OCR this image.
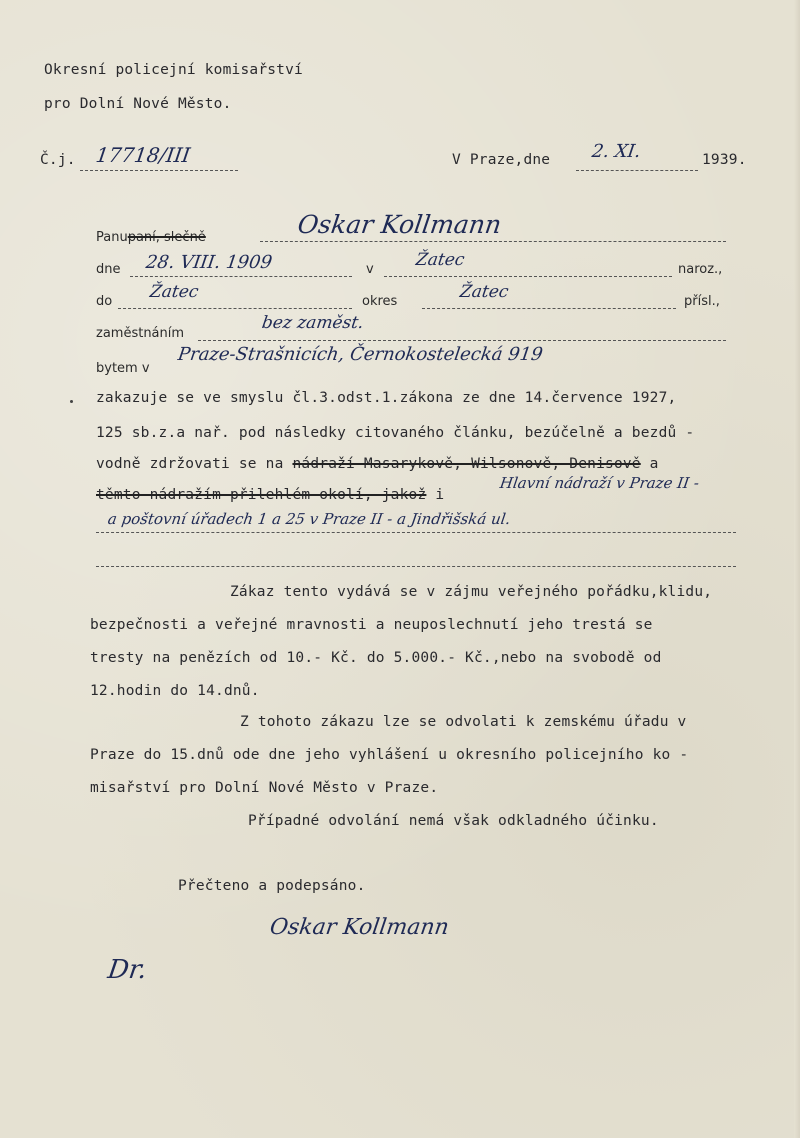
Okresní policejní komisařství
pro Dolní Nové Město.
Č.j. 17718/III	V Praze,dne 2. XI.	1939.
Panupaní, slečně	Oskar Kollmann
dne 28. VIII. 1909	v Žatec	naroz.,
do Žatec	okres	Žatec	přísl.,
zaměstnáním
bez zaměst.
bytem v
Praze-Strašnicích, Černokostelecká 919
zakazuje se ve smyslu čl.3.odst.1.zákona ze dne 14.července 1927,
125 sb.z.a nař. pod následky citovaného článku, bezúčelně a bezdů -
vodně zdržovati se na nádraží Masarykově, Wilsonově, Denisově a
těmto nádražím přilehlém okolí, jakož i
Hlavní nádraží v Praze II -
a poštovní úřadech 1 a 25 v Praze II - a Jindřišská ul.
Zákaz tento vydává se v zájmu veřejného pořádku,klidu,
bezpečnosti a veřejné mravnosti a neuposlechnutí jeho trestá se
tresty na penězích od 10.- Kč. do 5.000.- Kč.,nebo na svobodě od
12.hodin do 14.dnů.
Z tohoto zákazu lze se odvolati k zemskému úřadu v
Praze do 15.dnů ode dne jeho vyhlášení u okresního policejního ko -
misařství pro Dolní Nové Město v Praze.
Případné odvolání nemá však odkladného účinku.
Přečteno a podepsáno.
Oskar Kollmann
Dr.
